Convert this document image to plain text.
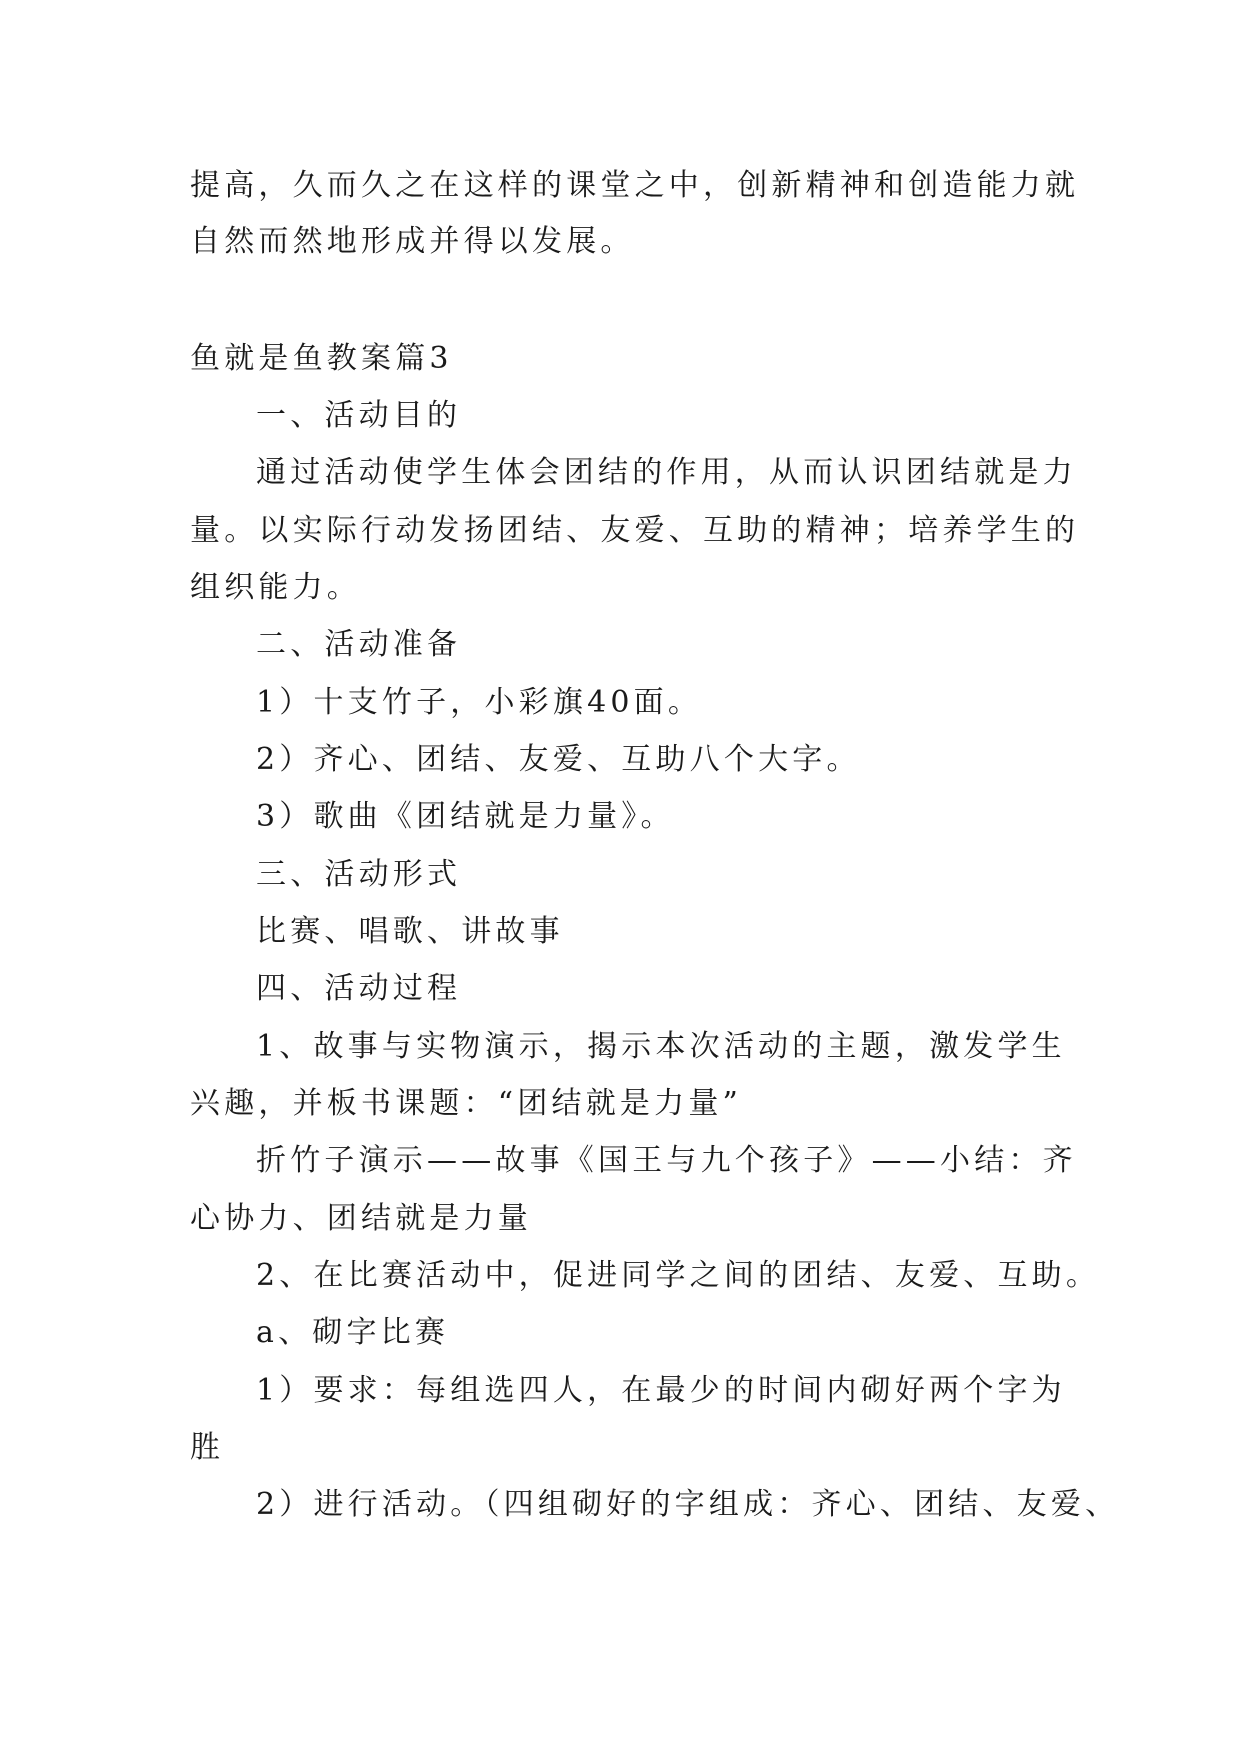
提高，久而久之在这样的课堂之中，创新精神和创造能力就
自然而然地形成并得以发展。
鱼就是鱼教案篇3
一、活动目的
通过活动使学生体会团结的作用，从而认识团结就是力
量。以实际行动发扬团结、友爱、互助的精神；培养学生的
组织能力。
二、活动准备
1）十支竹子，小彩旗40面。
2）齐心、团结、友爱、互助八个大字。
3）歌曲《团结就是力量》。
三、活动形式
比赛、唱歌、讲故事
四、活动过程
1、故事与实物演示，揭示本次活动的主题，激发学生
兴趣，并板书课题：“团结就是力量”
折竹子演示——故事《国王与九个孩子》——小结：齐
心协力、团结就是力量
2、在比赛活动中，促进同学之间的团结、友爱、互助。
a、砌字比赛
1）要求：每组选四人，在最少的时间内砌好两个字为
胜
2）进行活动。（四组砌好的字组成：齐心、团结、友爱、
